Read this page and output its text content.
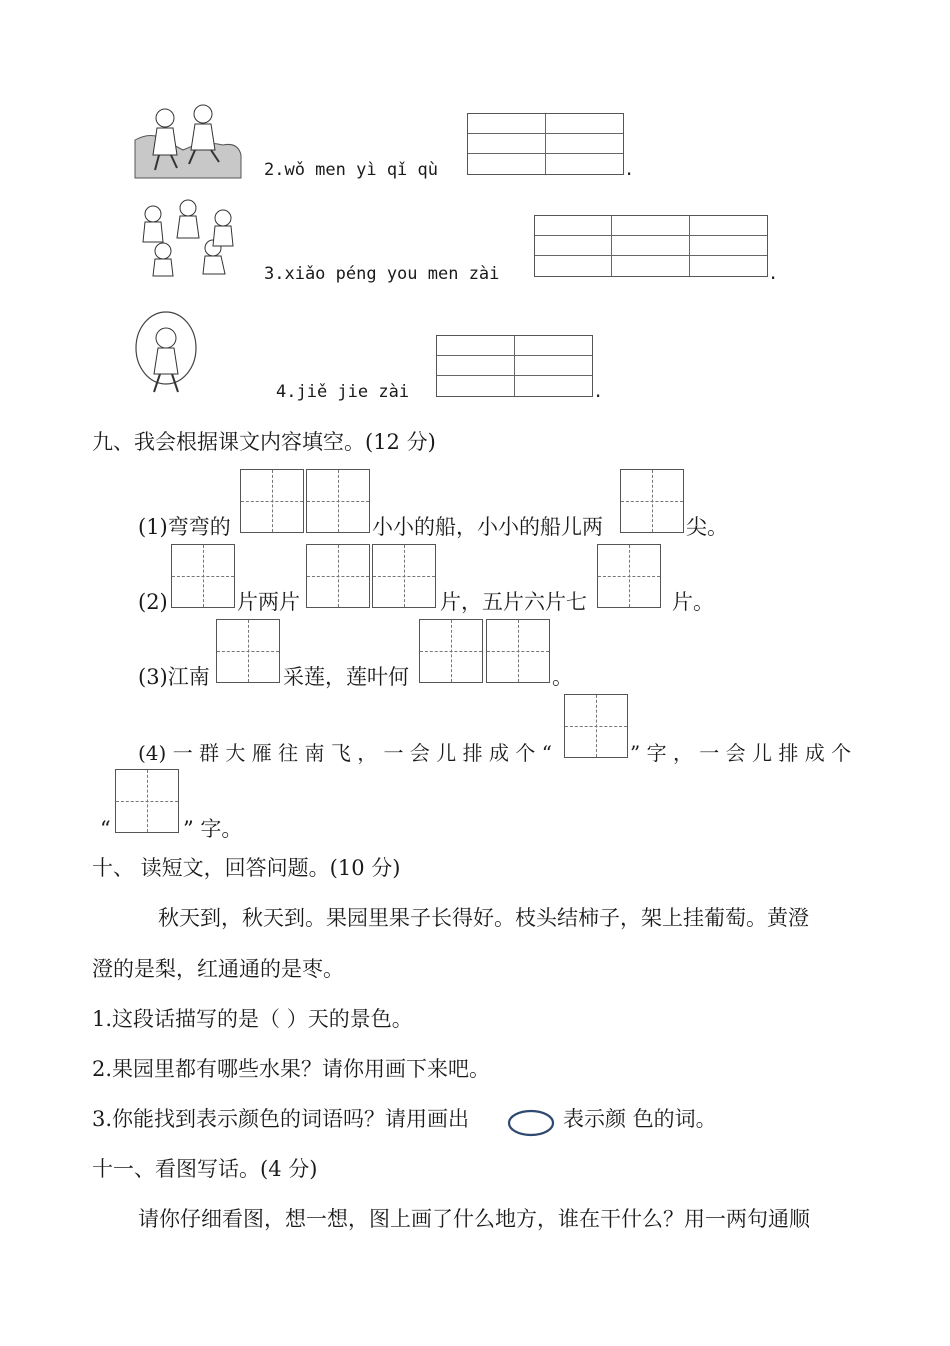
2.wǒ men yì qǐ qù	.
3.xiǎo péng you men zài	.
4.jiě jie zài	.
九、我会根据课文内容填空。(12 分)
(1)弯弯的	小小的船，小小的船儿两	尖。
(2)	片两片	片，五片六片七	片。
(3)江南	采莲，莲叶何	。
(4) 一 群 大 雁 往 南 飞 ， 一 会 儿 排 成 个 “	” 字 ， 一 会 儿 排 成 个
“	” 字。
十、 读短文，回答问题。(10 分)
秋天到，秋天到。果园里果子长得好。枝头结柿子，架上挂葡萄。黄澄
澄的是梨，红通通的是枣。
1.这段话描写的是（ ）天的景色。
2.果园里都有哪些水果？请你用画下来吧。
3.你能找到表示颜色的词语吗？请用画出	表示颜 色的词。
十一、看图写话。(4 分)
请你仔细看图，想一想，图上画了什么地方，谁在干什么？用一两句通顺
